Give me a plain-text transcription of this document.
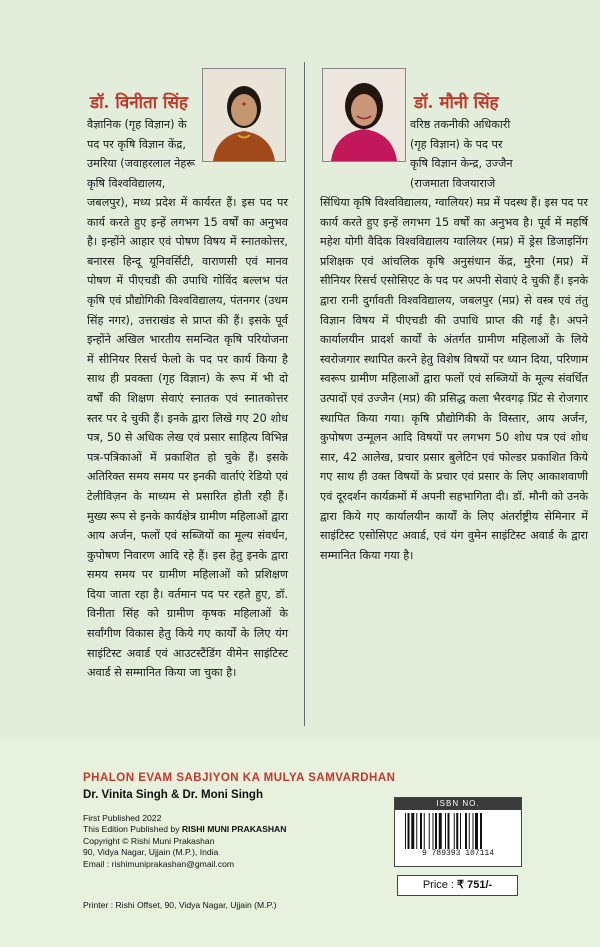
डॉ. विनीता सिंह

वैज्ञानिक (गृह विज्ञान) के

पद पर कृषि विज्ञान केंद्र,

उमरिया (जवाहरलाल नेहरू

कृषि विश्वविद्यालय,

जबलपुर), मध्य प्रदेश में कार्यरत हैं। इस पद पर कार्य करते हुए इन्हें लगभग 15 वर्षों का अनुभव है। इन्होंने आहार एवं पोषण विषय में स्नातकोत्तर, बनारस हिन्दू यूनिवर्सिटी, वाराणसी एवं मानव पोषण में पीएचडी की उपाधि गोविंद बल्लभ पंत कृषि एवं प्रौद्योगिकी विश्वविद्यालय, पंतनगर (उधम सिंह नगर), उत्तराखंड से प्राप्त की हैं। इसके पूर्व इन्होंने अखिल भारतीय समन्वित कृषि परियोजना में सीनियर रिसर्च फेलो के पद पर कार्य किया है साथ ही प्रवक्ता (गृह विज्ञान) के रूप में भी दो वर्षों की शिक्षण सेवाएं स्नातक एवं स्नातकोत्तर स्तर पर दे चुकी हैं। इनके द्वारा लिखे गए 20 शोध पत्र, 50 से अधिक लेख एवं प्रसार साहित्य विभिन्न पत्र-पत्रिकाओं में प्रकाशित हो चुके हैं। इसके अतिरिक्त समय समय पर इनकी वार्ताएं रेडियो एवं टेलीविज़न के माध्यम से प्रसारित होती रही हैं। मुख्य रूप से इनके कार्यक्षेत्र ग्रामीण महिलाओं द्वारा आय अर्जन, फलों एवं सब्जियों का मूल्य संवर्धन, कुपोषण निवारण आदि रहे हैं। इस हेतु इनके द्वारा समय समय पर ग्रामीण महिलाओं को प्रशिक्षण दिया जाता रहा है। वर्तमान पद पर रहते हुए, डॉ. विनीता सिंह को ग्रामीण कृषक महिलाओं के सर्वांगीण विकास हेतु किये गए कार्यों के लिए यंग साइंटिस्ट अवार्ड एवं आउटस्टैंडिंग वीमेन साइंटिस्ट अवार्ड से सम्मानित किया जा चुका है।

डॉ. मौनी सिंह

वरिष्ठ तकनीकी अधिकारी

(गृह विज्ञान) के पद पर

कृषि विज्ञान केन्द्र, उज्जैन

(राजमाता विजयाराजे

सिंधिया कृषि विश्वविद्यालय, ग्वालियर) मप्र में पदस्थ हैं। इस पद पर कार्य करते हुए इन्हें लगभग 15 वर्षों का अनुभव है। पूर्व में महर्षि महेश योगी वैदिक विश्वविद्यालय ग्वालियर (मप्र) में ड्रेस डिजाइनिंग प्रशिक्षक एवं आंचलिक कृषि अनुसंधान केंद्र, मुरैना (मप्र) में सीनियर रिसर्च एसोसिएट के पद पर अपनी सेवाएं दे चुकी हैं। इनके द्वारा रानी दुर्गावती विश्वविद्यालय, जबलपुर (मप्र) से वस्त्र एवं तंतु विज्ञान विषय में पीएचडी की उपाधि प्राप्त की गई है। अपने कार्यालयीन प्रादर्श कार्यों के अंतर्गत ग्रामीण महिलाओं के लिये स्वरोजगार स्थापित करने हेतु विशेष विषयों पर ध्यान दिया, परिणाम स्वरूप ग्रामीण महिलाओं द्वारा फलों एवं सब्जियों के मूल्य संवर्धित उत्पादों एवं उज्जैन (मप्र) की प्रसिद्ध कला भैरवगढ़ प्रिंट से रोजगार स्थापित किया गया। कृषि प्रौद्योगिकी के विस्तार, आय अर्जन, कुपोषण उन्मूलन आदि विषयों पर लगभग 50 शोध पत्र एवं शोध सार, 42 आलेख, प्रचार प्रसार बुलेटिन एवं फोल्डर प्रकाशित किये गए साथ ही उक्त विषयों के प्रचार एवं प्रसार के लिए आकाशवाणी एवं दूरदर्शन कार्यक्रमों में अपनी सहभागिता दी। डॉ. मौनी को उनके द्वारा किये गए कार्यालयीन कार्यों के लिए अंतर्राष्ट्रीय सेमिनार में साइंटिस्ट एसोसिएट अवार्ड, एवं यंग वुमेन साइंटिस्ट अवार्ड के द्वारा सम्मानित किया गया है।

PHALON EVAM SABJIYON KA MULYA SAMVARDHAN
Dr. Vinita Singh & Dr. Moni Singh
First Published 2022
This Edition Published by RISHI MUNI PRAKASHAN
Copyright © Rishi Muni Prakashan
90, Vidya Nagar, Ujjain (M.P.), India
Email : rishimuniprakashan@gmail.com
ISBN NO.
9 789393 107114
Price : ₹ 751/-
Printer : Rishi Offset, 90, Vidya Nagar, Ujjain (M.P.)
